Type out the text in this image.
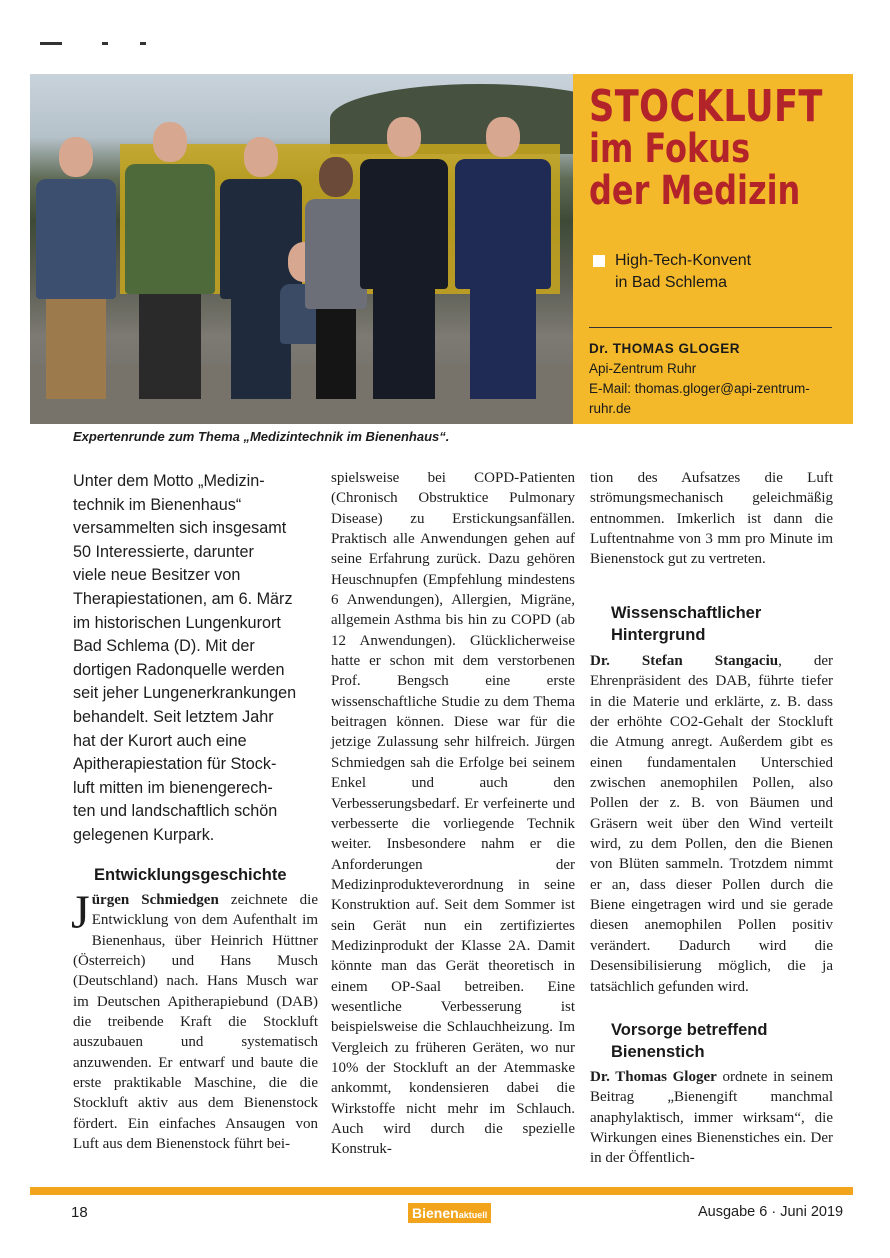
STOCKLUFT
im Fokus
der Medizin
High-Tech-Konvent
in Bad Schlema
Dr. THOMAS GLOGER
Api-Zentrum Ruhr
E-Mail: thomas.gloger@api-zentrum-
ruhr.de
Expertenrunde zum Thema „Medizintechnik im Bienenhaus“.
Unter dem Motto „Medizin-
technik im Bienenhaus“
versammelten sich insgesamt
50 Interessierte, darunter
viele neue Besitzer von
Therapiestationen, am 6. März
im historischen Lungenkurort
Bad Schlema (D). Mit der
dortigen Radonquelle werden
seit jeher Lungenerkrankungen
behandelt. Seit letztem Jahr
hat der Kurort auch eine
Apitherapiestation für Stock-
luft mitten im bienengerech-
ten und landschaftlich schön
gelegenen Kurpark.
Entwicklungsgeschichte

Jürgen Schmiedgen zeichnete die Entwicklung von dem Aufenthalt im Bienenhaus, über Heinrich Hüttner (Österreich) und Hans Musch (Deutschland) nach. Hans Musch war im Deutschen Apitherapiebund (DAB) die treibende Kraft die Stockluft auszubauen und systematisch anzuwenden. Er entwarf und baute die erste praktikable Maschine, die die Stockluft aktiv aus dem Bienenstock fördert. Ein einfaches Ansaugen von Luft aus dem Bienenstock führt bei-

spielsweise bei COPD-Patienten (Chronisch Obstruktice Pulmonary Disease) zu Erstickungsanfällen. Praktisch alle Anwendungen gehen auf seine Erfahrung zurück. Dazu gehören Heuschnupfen (Empfehlung mindestens 6 Anwendungen), Allergien, Migräne, allgemein Asthma bis hin zu COPD (ab 12 Anwendungen). Glücklicherweise hatte er schon mit dem verstorbenen Prof. Bengsch eine erste wissenschaftliche Studie zu dem Thema beitragen können. Diese war für die jetzige Zulassung sehr hilfreich. Jürgen Schmiedgen sah die Erfolge bei seinem Enkel und auch den Verbesserungsbedarf. Er verfeinerte und verbesserte die vorliegende Technik weiter. Insbesondere nahm er die Anforderungen der Medizinprodukteverordnung in seine Konstruktion auf. Seit dem Sommer ist sein Gerät nun ein zertifiziertes Medizinprodukt der Klasse 2A. Damit könnte man das Gerät theoretisch in einem OP-Saal betreiben. Eine wesentliche Verbesserung ist beispielsweise die Schlauchheizung. Im Vergleich zu früheren Geräten, wo nur 10% der Stockluft an der Atemmaske ankommt, kondensieren dabei die Wirkstoffe nicht mehr im Schlauch. Auch wird durch die spezielle Konstruk-

tion des Aufsatzes die Luft strömungsmechanisch geleichmäßig entnommen. Imkerlich ist dann die Luftentnahme von 3 mm pro Minute im Bienenstock gut zu vertreten.

Wissenschaftlicher
Hintergrund

Dr. Stefan Stangaciu, der Ehrenpräsident des DAB, führte tiefer in die Materie und erklärte, z. B. dass der erhöhte CO2-Gehalt der Stockluft die Atmung anregt. Außerdem gibt es einen fundamentalen Unterschied zwischen anemophilen Pollen, also Pollen der z. B. von Bäumen und Gräsern weit über den Wind verteilt wird, zu dem Pollen, den die Bienen von Blüten sammeln. Trotzdem nimmt er an, dass dieser Pollen durch die Biene eingetragen wird und sie gerade diesen anemophilen Pollen positiv verändert. Dadurch wird die Desensibilisierung möglich, die ja tatsächlich gefunden wird.

Vorsorge betreffend
Bienenstich

Dr. Thomas Gloger ordnete in seinem Beitrag „Bienengift manchmal anaphylaktisch, immer wirksam“, die Wirkungen eines Bienenstiches ein. Der in der Öffentlich-

18	Bienenaktuell	Ausgabe 6 · Juni 2019
